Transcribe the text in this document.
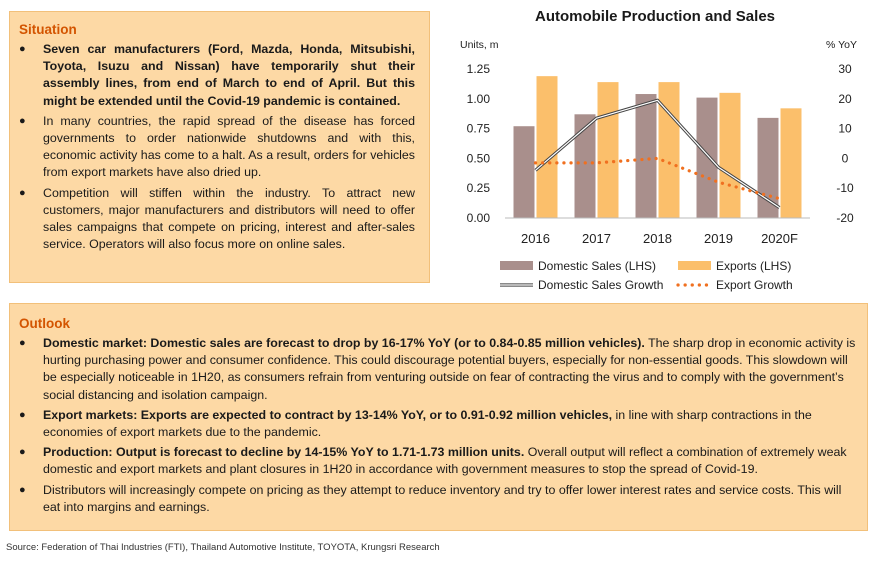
Situation
● Seven car manufacturers (Ford, Mazda, Honda, Mitsubishi, Toyota, Isuzu and Nissan) have temporarily shut their assembly lines, from end of March to end of April. But this might be extended until the Covid-19 pandemic is contained.
● In many countries, the rapid spread of the disease has forced governments to order nationwide shutdowns and with this, economic activity has come to a halt. As a result, orders for vehicles from export markets have also dried up.
● Competition will stiffen within the industry. To attract new customers, major manufacturers and distributors will need to offer sales campaigns that compete on pricing, interest and after-sales service. Operators will also focus more on online sales.
Automobile Production and Sales
Units, m	% YoY
0.00
0.25
0.50
0.75
1.00
1.25
-20
-10
0
10
20
30
2016 2017 2018 2019 2020F
Domestic Sales (LHS)	Exports (LHS)
Domestic Sales Growth	Export Growth
Outlook
● Domestic market: Domestic sales are forecast to drop by 16-17% YoY (or to 0.84-0.85 million vehicles). The sharp drop in economic activity is hurting purchasing power and consumer confidence. This could discourage potential buyers, especially for non-essential goods. This slowdown will be especially noticeable in 1H20, as consumers refrain from venturing outside on fear of contracting the virus and to comply with the government’s social distancing and isolation campaign.
● Export markets: Exports are expected to contract by 13-14% YoY, or to 0.91-0.92 million vehicles, in line with sharp contractions in the economies of export markets due to the pandemic.
● Production: Output is forecast to decline by 14-15% YoY to 1.71-1.73 million units. Overall output will reflect a combination of extremely weak domestic and export markets and plant closures in 1H20 in accordance with government measures to stop the spread of Covid-19.
● Distributors will increasingly compete on pricing as they attempt to reduce inventory and try to offer lower interest rates and service costs. This will eat into margins and earnings.
Source: Federation of Thai Industries (FTI), Thailand Automotive Institute, TOYOTA, Krungsri Research
